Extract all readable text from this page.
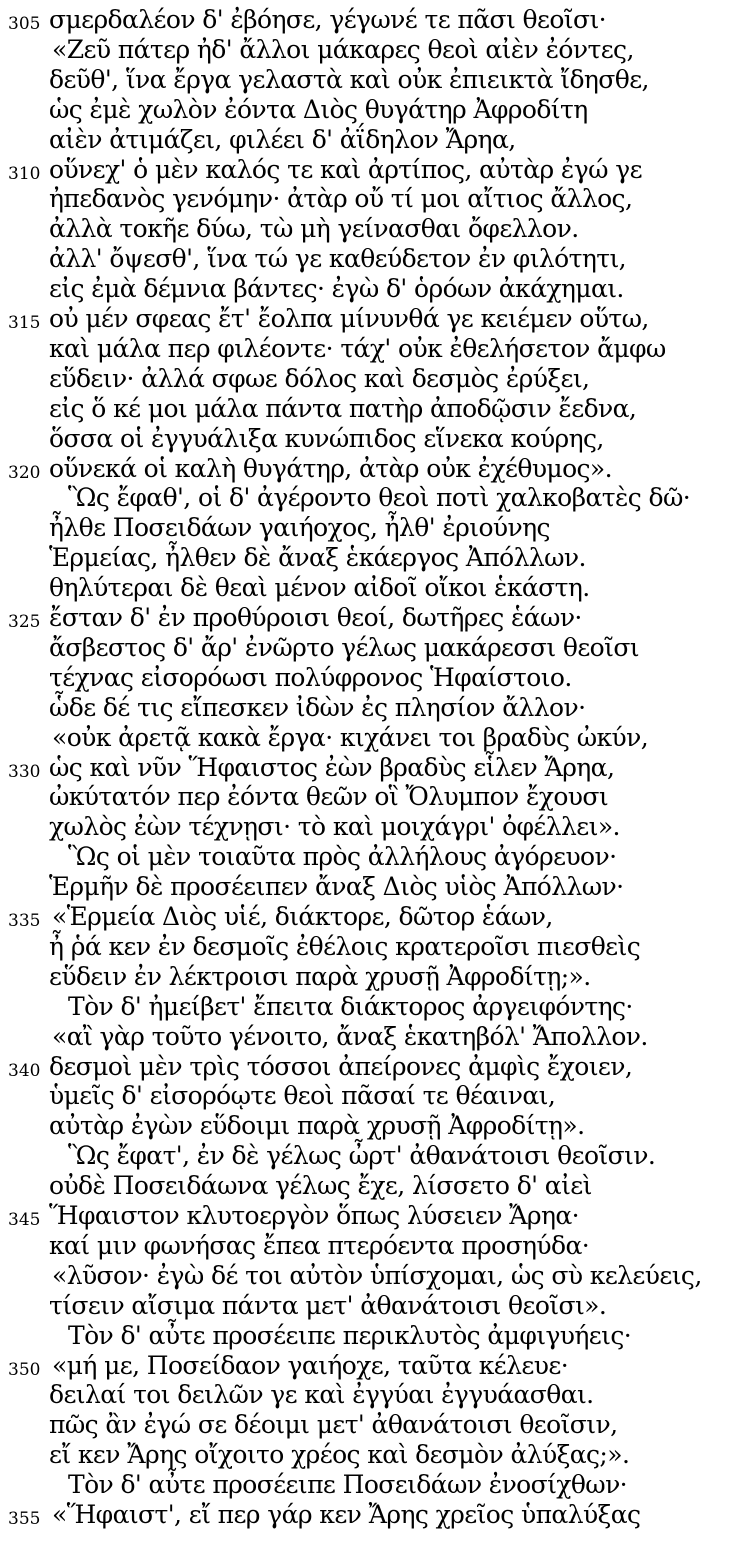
305 σμερδαλέον δ' ἐβόησε, γέγωνέ τε πᾶσι θεοῖσι·
«Ζεῦ πάτερ ἠδ' ἄλλοι μάκαρες θεοὶ αἰὲν ἐόντες,
δεῦθ', ἵνα ἔργα γελαστὰ καὶ οὐκ ἐπιεικτὰ ἴδησθε,
ὡς ἐμὲ χωλὸν ἐόντα Διὸς θυγάτηρ Ἀφροδίτη
αἰὲν ἀτιμάζει, φιλέει δ' ἀΐδηλον Ἄρηα,
310 οὕνεχ' ὁ μὲν καλός τε καὶ ἀρτίπος, αὐτὰρ ἐγώ γε
ἠπεδανὸς γενόμην· ἀτὰρ οὔ τί μοι αἴτιος ἄλλος,
ἀλλὰ τοκῆε δύω, τὼ μὴ γείνασθαι ὄφελλον.
ἀλλ' ὄψεσθ', ἵνα τώ γε καθεύδετον ἐν φιλότητι,
εἰς ἐμὰ δέμνια βάντες· ἐγὼ δ' ὁρόων ἀκάχημαι.
315 οὐ μέν σφεας ἔτ' ἔολπα μίνυνθά γε κειέμεν οὕτω,
καὶ μάλα περ φιλέοντε· τάχ' οὐκ ἐθελήσετον ἄμφω
εὕδειν· ἀλλά σφωε δόλος καὶ δεσμὸς ἐρύξει,
εἰς ὅ κέ μοι μάλα πάντα πατὴρ ἀποδῷσιν ἔεδνα,
ὅσσα οἱ ἐγγυάλιξα κυνώπιδος εἵνεκα κούρης,
320 οὕνεκά οἱ καλὴ θυγάτηρ, ἀτὰρ οὐκ ἐχέθυμος».
Ὣς ἔφαθ', οἱ δ' ἀγέροντο θεοὶ ποτὶ χαλκοβατὲς δῶ·
ἦλθε Ποσειδάων γαιήοχος, ἦλθ' ἐριούνης
Ἑρμείας, ἦλθεν δὲ ἄναξ ἑκάεργος Ἀπόλλων.
θηλύτεραι δὲ θεαὶ μένον αἰδοῖ οἴκοι ἑκάστη.
325 ἔσταν δ' ἐν προθύροισι θεοί, δωτῆρες ἑάων·
ἄσβεστος δ' ἄρ' ἐνῶρτο γέλως μακάρεσσι θεοῖσι
τέχνας εἰσορόωσι πολύφρονος Ἡφαίστοιο.
ὧδε δέ τις εἴπεσκεν ἰδὼν ἐς πλησίον ἄλλον·
«οὐκ ἀρετᾷ κακὰ ἔργα· κιχάνει τοι βραδὺς ὠκύν,
330 ὡς καὶ νῦν Ἥφαιστος ἐὼν βραδὺς εἷλεν Ἄρηα,
ὠκύτατόν περ ἐόντα θεῶν οἳ Ὄλυμπον ἔχουσι
χωλὸς ἐὼν τέχνῃσι· τὸ καὶ μοιχάγρι' ὀφέλλει».
Ὣς οἱ μὲν τοιαῦτα πρὸς ἀλλήλους ἀγόρευον·
Ἑρμῆν δὲ προσέειπεν ἄναξ Διὸς υἱὸς Ἀπόλλων·
335 «Ἑρμεία Διὸς υἱέ, διάκτορε, δῶτορ ἑάων,
ἦ ῥά κεν ἐν δεσμοῖς ἐθέλοις κρατεροῖσι πιεσθεὶς
εὕδειν ἐν λέκτροισι παρὰ χρυσῇ Ἀφροδίτῃ;».
Τὸν δ' ἠμείβετ' ἔπειτα διάκτορος ἀργειφόντης·
«αἲ γὰρ τοῦτο γένοιτο, ἄναξ ἑκατηβόλ' Ἄπολλον.
340 δεσμοὶ μὲν τρὶς τόσσοι ἀπείρονες ἀμφὶς ἔχοιεν,
ὑμεῖς δ' εἰσορόῳτε θεοὶ πᾶσαί τε θέαιναι,
αὐτὰρ ἐγὼν εὕδοιμι παρὰ χρυσῇ Ἀφροδίτῃ».
Ὣς ἔφατ', ἐν δὲ γέλως ὦρτ' ἀθανάτοισι θεοῖσιν.
οὐδὲ Ποσειδάωνα γέλως ἔχε, λίσσετο δ' αἰεὶ
345 Ἥφαιστον κλυτοεργὸν ὅπως λύσειεν Ἄρηα·
καί μιν φωνήσας ἔπεα πτερόεντα προσηύδα·
«λῦσον· ἐγὼ δέ τοι αὐτὸν ὑπίσχομαι, ὡς σὺ κελεύεις,
τίσειν αἴσιμα πάντα μετ' ἀθανάτοισι θεοῖσι».
Τὸν δ' αὖτε προσέειπε περικλυτὸς ἀμφιγυήεις·
350 «μή με, Ποσείδαον γαιήοχε, ταῦτα κέλευε·
δειλαί τοι δειλῶν γε καὶ ἐγγύαι ἐγγυάασθαι.
πῶς ἂν ἐγώ σε δέοιμι μετ' ἀθανάτοισι θεοῖσιν,
εἴ κεν Ἄρης οἴχοιτο χρέος καὶ δεσμὸν ἀλύξας;».
Τὸν δ' αὖτε προσέειπε Ποσειδάων ἐνοσίχθων·
355 «Ἥφαιστ', εἴ περ γάρ κεν Ἄρης χρεῖος ὑπαλύξας
